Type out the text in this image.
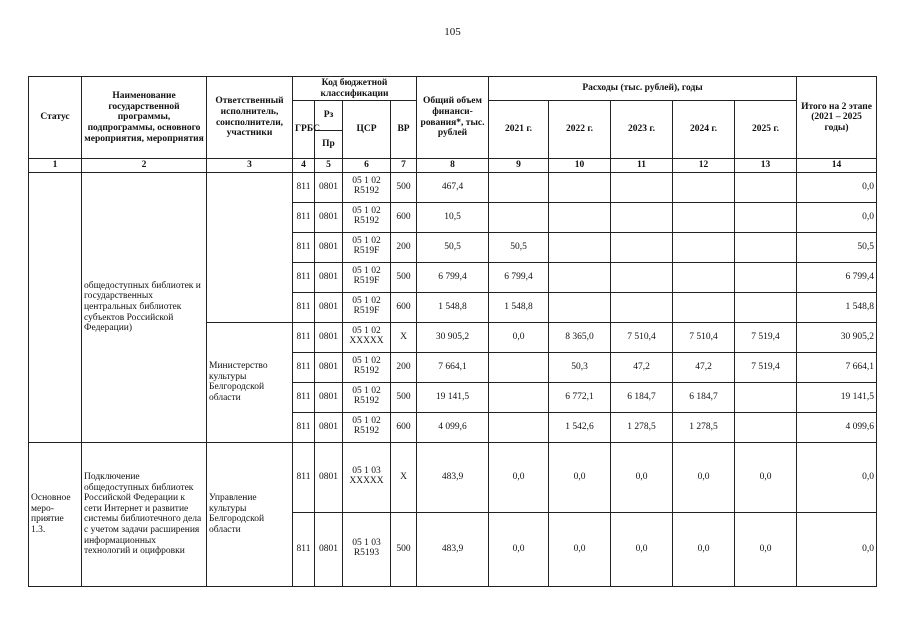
105
Статус	Наименование государственной программы, подпрограммы, основного мероприятия, мероприятия	Ответственный исполнитель, соисполнители, участники	Код бюджетной классификации				Общий объем финанси-рования*, тыс. рублей	Расходы (тыс. рублей), годы					Итого на 2 этапе (2021 – 2025 годы)
			ГРБС	Рз	ЦСР	ВР		2021 г.	2022 г.	2023 г.	2024 г.	2025 г.	
				Пр									
1	2	3	4	5	6	7	8	9	10	11	12	13	14
	общедоступных библиотек и государственных центральных библиотек субъектов Российской Федерации)		811	0801	05 1 02 R5192	500	467,4						0,0
			811	0801	05 1 02 R5192	600	10,5						0,0
			811	0801	05 1 02 R519F	200	50,5	50,5					50,5
			811	0801	05 1 02 R519F	500	6 799,4	6 799,4					6 799,4
			811	0801	05 1 02 R519F	600	1 548,8	1 548,8					1 548,8
		Министерство культуры Белгородской области	811	0801	05 1 02 XXXXX	X	30 905,2	0,0	8 365,0	7 510,4	7 510,4	7 519,4	30 905,2
			811	0801	05 1 02 R5192	200	7 664,1		50,3	47,2	47,2	7 519,4	7 664,1
			811	0801	05 1 02 R5192	500	19 141,5		6 772,1	6 184,7	6 184,7		19 141,5
			811	0801	05 1 02 R5192	600	4 099,6		1 542,6	1 278,5	1 278,5		4 099,6
Основное меро-приятие 1.3.	Подключение общедоступных библиотек Российской Федерации к сети Интернет и развитие системы библиотечного дела с учетом задачи расширения информационных технологий и оцифровки	Управление культуры Белгородской области	811	0801	05 1 03 XXXXX	X	483,9	0,0	0,0	0,0	0,0	0,0	0,0
			811	0801	05 1 03 R5193	500	483,9	0,0	0,0	0,0	0,0	0,0	0,0
